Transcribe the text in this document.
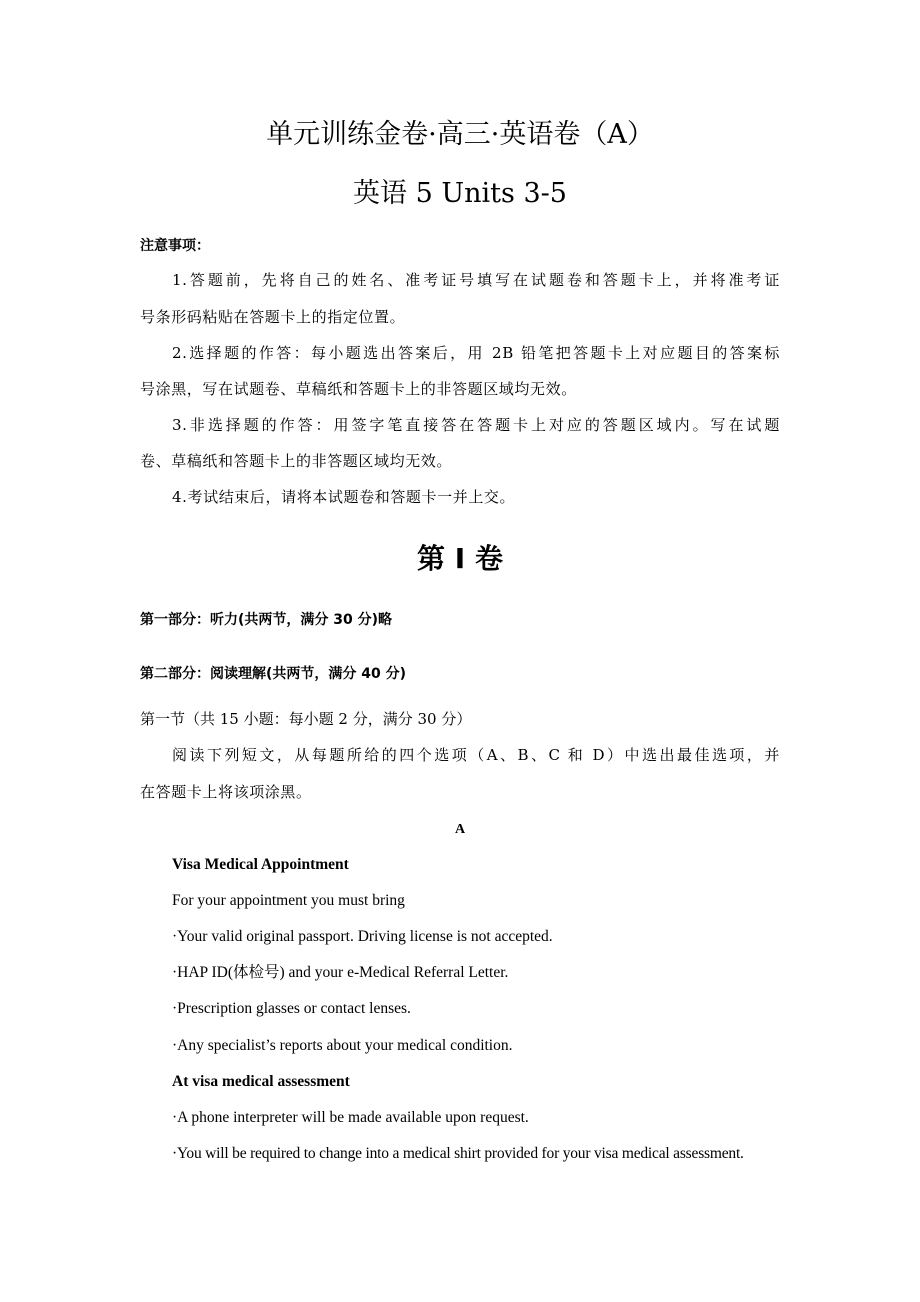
单元训练金卷·高三·英语卷（A）
英语 5 Units 3-5
注意事项：
1.答题前，先将自己的姓名、准考证号填写在试题卷和答题卡上，并将准考证
号条形码粘贴在答题卡上的指定位置。
2.选择题的作答：每小题选出答案后，用 2B 铅笔把答题卡上对应题目的答案标
号涂黑，写在试题卷、草稿纸和答题卡上的非答题区域均无效。
3.非选择题的作答：用签字笔直接答在答题卡上对应的答题区域内。写在试题
卷、草稿纸和答题卡上的非答题区域均无效。
4.考试结束后，请将本试题卷和答题卡一并上交。
第 I 卷
第一部分：听力(共两节，满分 30 分)略
第二部分：阅读理解(共两节，满分 40 分)
第一节（共 15 小题：每小题 2 分，满分 30 分）
阅读下列短文，从每题所给的四个选项（A、B、C 和 D）中选出最佳选项，并
在答题卡上将该项涂黑。
A
Visa Medical Appointment
For your appointment you must bring
·Your valid original passport. Driving license is not accepted.
·HAP ID(体检号) and your e-Medical Referral Letter.
·Prescription glasses or contact lenses.
·Any specialist’s reports about your medical condition.
At visa medical assessment
·A phone interpreter will be made available upon request.
·You will be required to change into a medical shirt provided for your visa medical assessment.
